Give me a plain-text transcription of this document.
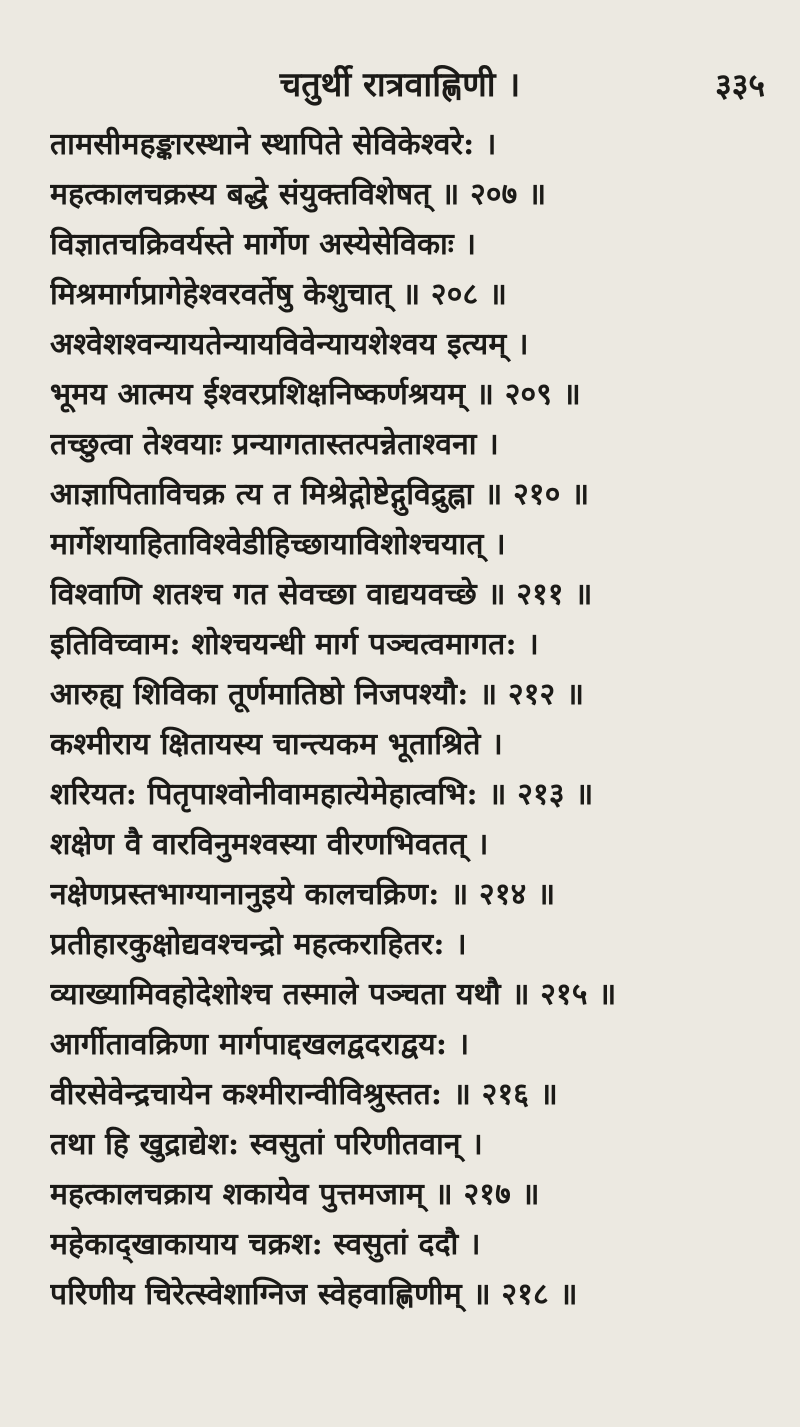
चतुर्थी रात्रवाह्णिणी ।	३३५
तामसीमहङ्कारस्थाने स्थापिते सेविकेश्वरे: ।
महत्कालचक्रस्य बद्धे संयुक्तविशेषत् ॥ २०७ ॥
विज्ञातचक्रिवर्यस्ते मार्गेण अस्येसेविकाः ।
मिश्रमार्गप्रागेहेश्वरवर्तेषु केशुचात् ॥ २०८ ॥
अश्वेशश्वन्यायतेन्यायविवेन्यायशेश्वय इत्यम् ।
भूमय आत्मय ईश्वरप्रशिक्षनिष्कर्णश्रयम् ॥ २०९ ॥
तच्छुत्वा तेश्वयाः प्रन्यागतास्तत्पन्नेताश्वना ।
आज्ञापिताविचक्र त्य त मिश्रेद्गोष्टेद्गुविद्रुह्ना ॥ २१० ॥
मार्गेशयाहिताविश्वेडीहिच्छायाविशोश्चयात् ।
विश्वाणि शतश्च गत सेवच्छा वाद्ययवच्छे ॥ २११ ॥
इतिविच्वाम: शोश्चयन्धी मार्ग पञ्चत्वमागत: ।
आरुह्य शिविका तूर्णमातिष्ठो निजपश्यौ: ॥ २१२ ॥
कश्मीराय क्षितायस्य चान्त्यकम भूताश्रिते ।
शरियत: पितृपाश्वोनीवामहात्येमेहात्वभि: ॥ २१३ ॥
शक्षेण वै वारविनुमश्वस्या वीरणभिवतत् ।
नक्षेणप्रस्तभाग्यानानुइये कालचक्रिण: ॥ २१४ ॥
प्रतीहारकुक्षोद्यवश्चन्द्रो महत्कराहितर: ।
व्याख्यामिवहोदेशोश्च तस्माले पञ्चता यथौ ॥ २१५ ॥
आर्गीतावक्रिणा मार्गपाद्दखलद्वदराद्वय: ।
वीरसेवेन्द्रचायेन कश्मीरान्वीविश्रुस्तत: ॥ २१६ ॥
तथा हि खुद्राद्येश: स्वसुतां परिणीतवान् ।
महत्कालचक्राय शकायेव पुत्तमजाम् ॥ २१७ ॥
महेकाद्खाकायाय चक्रश: स्वसुतां ददौ ।
परिणीय चिरेत्स्वेशाग्निज स्वेहवाह्णिणीम् ॥ २१८ ॥
